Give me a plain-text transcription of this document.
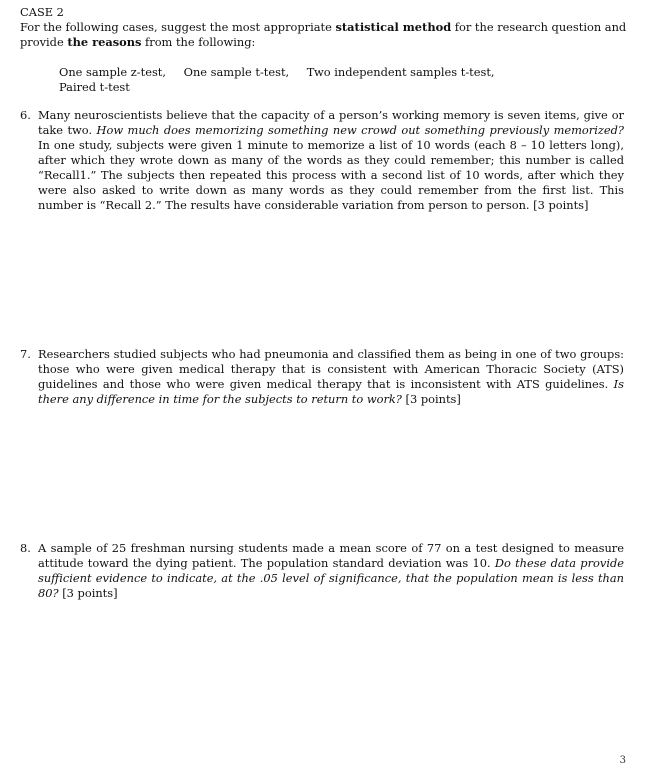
CASE 2
For the following cases, suggest the most appropriate statistical method for the research question and provide the reasons from the following:
One sample z-test, One sample t-test, Two independent samples t-test,
Paired t-test
6. Many neuroscientists believe that the capacity of a person’s working memory is seven items, give or take two. How much does memorizing something new crowd out something previously memorized? In one study, subjects were given 1 minute to memorize a list of 10 words (each 8 – 10 letters long), after which they wrote down as many of the words as they could remember; this number is called “Recall1.” The subjects then repeated this process with a second list of 10 words, after which they were also asked to write down as many words as they could remember from the first list. This number is “Recall 2.” The results have considerable variation from person to person. [3 points]
7. Researchers studied subjects who had pneumonia and classified them as being in one of two groups: those who were given medical therapy that is consistent with American Thoracic Society (ATS) guidelines and those who were given medical therapy that is inconsistent with ATS guidelines. Is there any difference in time for the subjects to return to work? [3 points]
8. A sample of 25 freshman nursing students made a mean score of 77 on a test designed to measure attitude toward the dying patient. The population standard deviation was 10. Do these data provide sufficient evidence to indicate, at the .05 level of significance, that the population mean is less than 80? [3 points]
3
